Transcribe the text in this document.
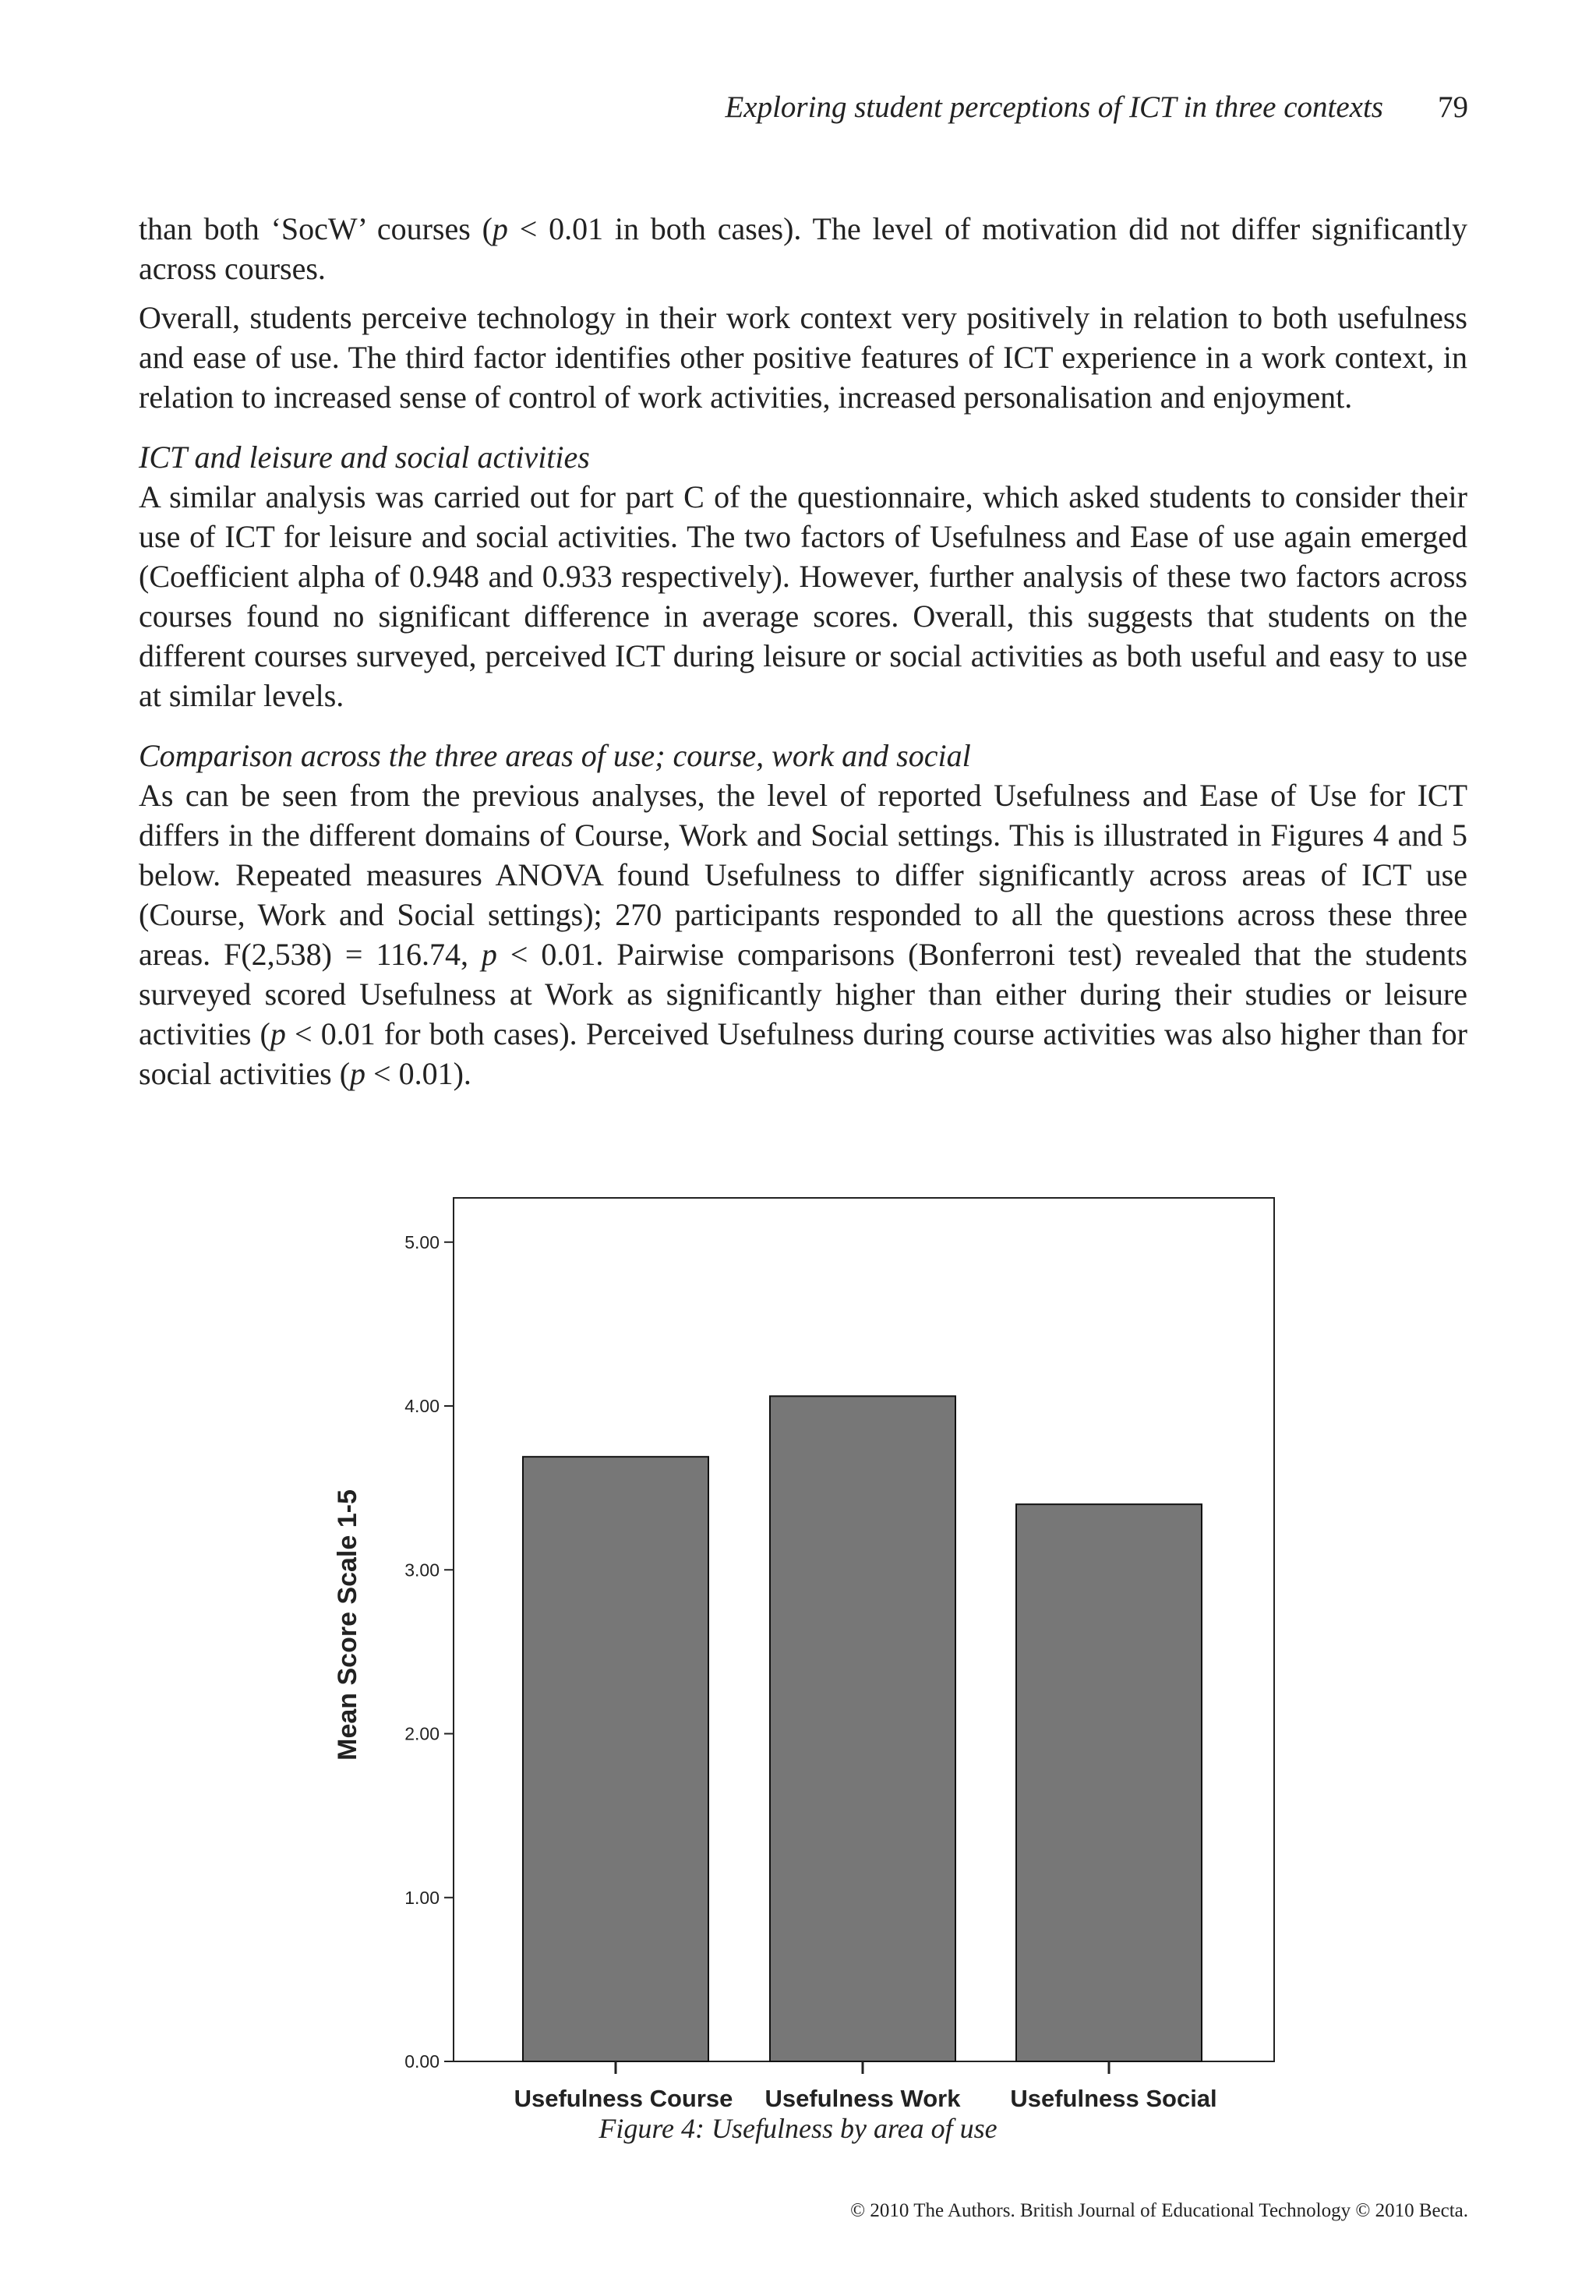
Exploring student perceptions of ICT in three contexts 79

than both ‘SocW’ courses (p < 0.01 in both cases). The level of motivation did not differ significantly across courses.

Overall, students perceive technology in their work context very positively in relation to both usefulness and ease of use. The third factor identifies other positive features of ICT experience in a work context, in relation to increased sense of control of work activities, increased personalisation and enjoyment.

ICT and leisure and social activities

A similar analysis was carried out for part C of the questionnaire, which asked students to consider their use of ICT for leisure and social activities. The two factors of Usefulness and Ease of use again emerged (Coefficient alpha of 0.948 and 0.933 respectively). However, further analysis of these two factors across courses found no significant difference in average scores. Overall, this suggests that students on the different courses surveyed, perceived ICT during leisure or social activities as both useful and easy to use at similar levels.

Comparison across the three areas of use; course, work and social

As can be seen from the previous analyses, the level of reported Usefulness and Ease of Use for ICT differs in the different domains of Course, Work and Social settings. This is illustrated in Figures 4 and 5 below. Repeated measures ANOVA found Usefulness to differ significantly across areas of ICT use (Course, Work and Social settings); 270 participants responded to all the questions across these three areas. F(2,538) = 116.74, p < 0.01. Pairwise comparisons (Bonferroni test) revealed that the students surveyed scored Usefulness at Work as significantly higher than either during their studies or leisure activities (p < 0.01 for both cases). Perceived Usefulness during course activities was also higher than for social activities (p < 0.01).

0.00
1.00
2.00
3.00
4.00
5.00
Usefulness Course Usefulness Work Usefulness Social
Mean Score Scale 1-5
Figure 4: Usefulness by area of use
© 2010 The Authors. British Journal of Educational Technology © 2010 Becta.
